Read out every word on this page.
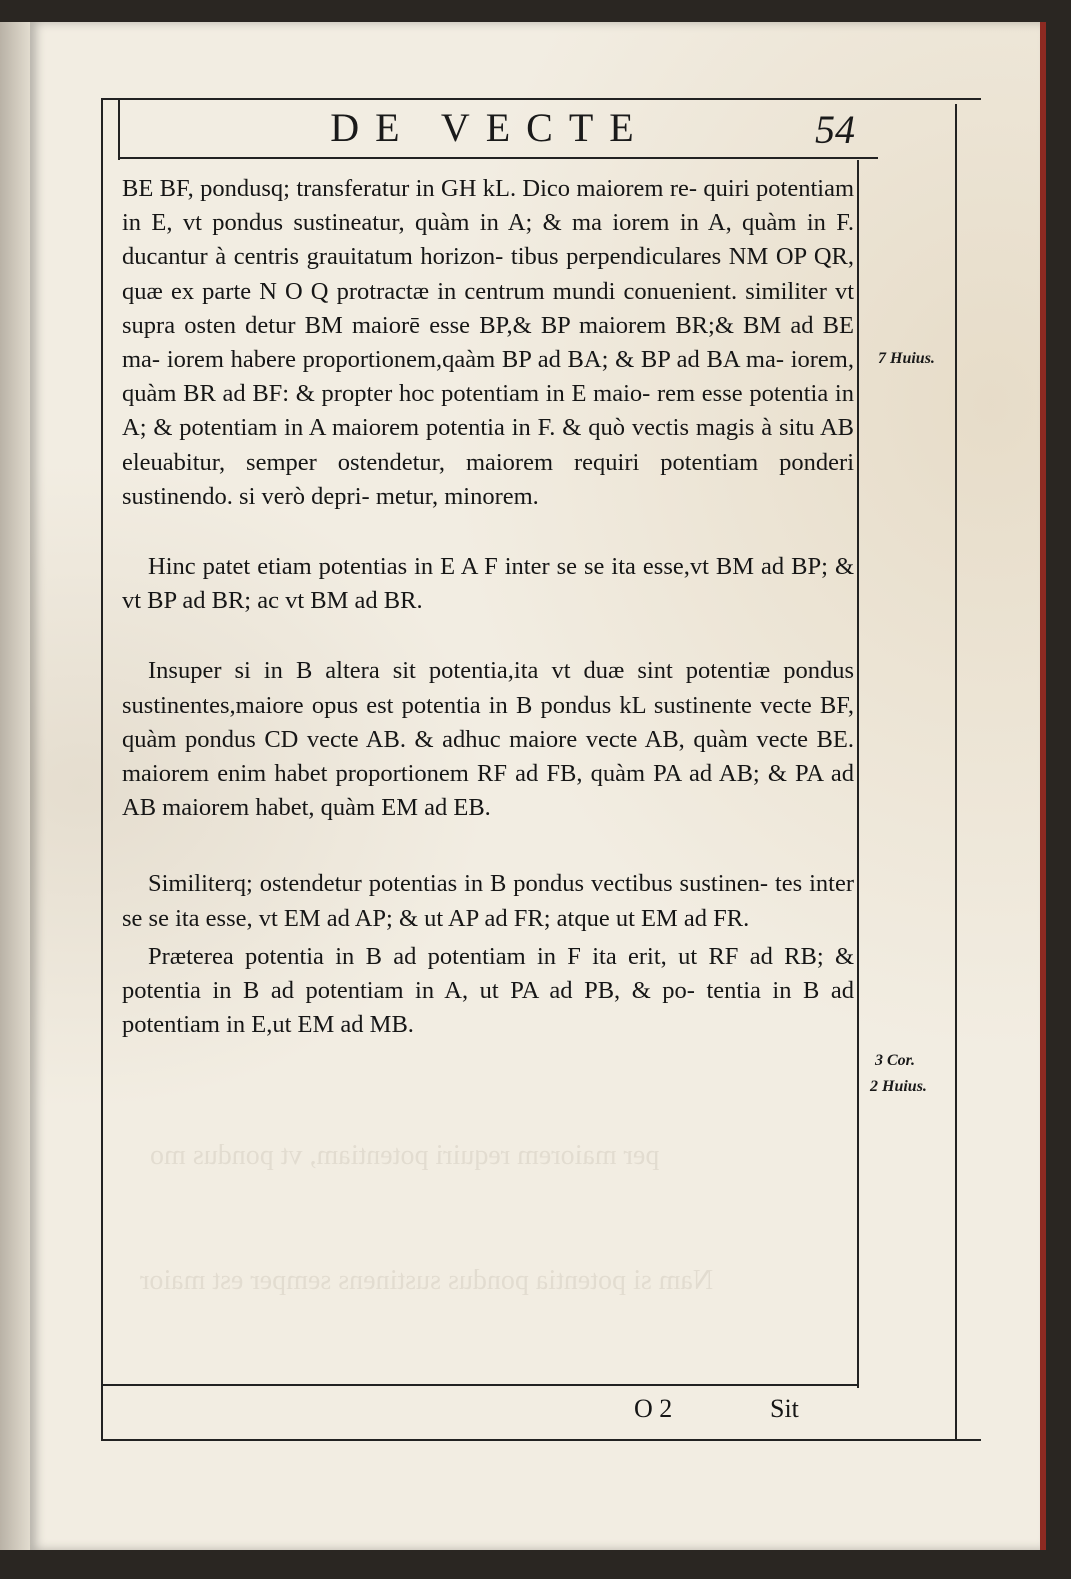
DE VECTE	54

BE BF, pondusq; transferatur in GH kL. Dico maiorem re- quiri potentiam in E, vt pondus sustineatur, quàm in A; & ma iorem in A, quàm in F. ducantur à centris grauitatum horizon- tibus perpendiculares NM OP QR, quæ ex parte N O Q protractæ in centrum mundi conuenient. similiter vt supra osten detur BM maiorē esse BP,& BP maiorem BR;& BM ad BE ma- iorem habere proportionem,qaàm BP ad BA; & BP ad BA ma- iorem, quàm BR ad BF: & propter hoc potentiam in E maio- rem esse potentia in A; & potentiam in A maiorem potentia in F. & quò vectis magis à situ AB eleuabitur, semper ostendetur, maiorem requiri potentiam ponderi sustinendo. si verò depri- metur, minorem.

Hinc patet etiam potentias in E A F inter se se ita esse,vt BM ad BP; & vt BP ad BR; ac vt BM ad BR.

Insuper si in B altera sit potentia,ita vt duæ sint potentiæ pondus sustinentes,maiore opus est potentia in B pondus kL sustinente vecte BF, quàm pondus CD vecte AB. & adhuc maiore vecte AB, quàm vecte BE. maiorem enim habet proportionem RF ad FB, quàm PA ad AB; & PA ad AB maiorem habet, quàm EM ad EB.

Similiterq; ostendetur potentias in B pondus vectibus sustinen- tes inter se se ita esse, vt EM ad AP; & ut AP ad FR; atque ut EM ad FR.

Præterea potentia in B ad potentiam in F ita erit, ut RF ad RB; & potentia in B ad potentiam in A, ut PA ad PB, & po- tentia in B ad potentiam in E,ut EM ad MB.

7 Huius.
3 Cor.
2 Huius.
O 2	Sit
